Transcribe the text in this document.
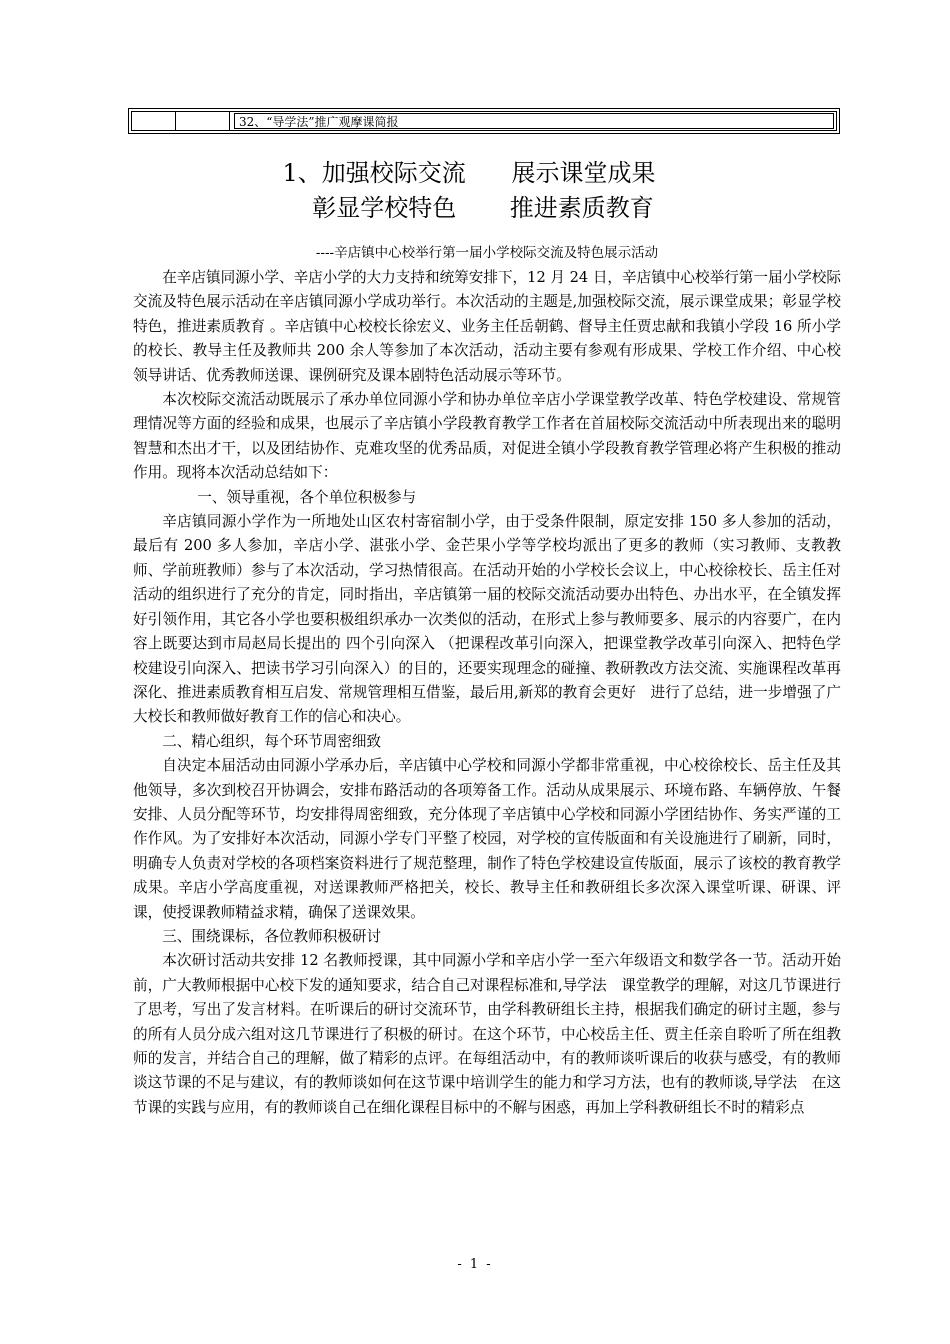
32、“导学法”推广观摩课简报
1、加强校际交流      展示课堂成果
彰显学校特色       推进素质教育
----辛店镇中心校举行第一届小学校际交流及特色展示活动

在辛店镇同源小学、辛店小学的大力支持和统筹安排下，12 月 24 日，辛店镇中心校举行第一届小学校际交流及特色展示活动在辛店镇同源小学成功举行。本次活动的主题是,加强校际交流，展示课堂成果；彰显学校特色，推进素质教育 。辛店镇中心校校长徐宏义、业务主任岳朝鹤、督导主任贾忠献和我镇小学段 16 所小学的校长、教导主任及教师共 200 余人等参加了本次活动，活动主要有参观有形成果、学校工作介绍、中心校领导讲话、优秀教师送课、课例研究及课本剧特色活动展示等环节。

本次校际交流活动既展示了承办单位同源小学和协办单位辛店小学课堂教学改革、特色学校建设、常规管理情况等方面的经验和成果，也展示了辛店镇小学段教育教学工作者在首届校际交流活动中所表现出来的聪明智慧和杰出才干，以及团结协作、克难攻坚的优秀品质，对促进全镇小学段教育教学管理必将产生积极的推动作用。现将本次活动总结如下：

一、领导重视，各个单位积极参与

辛店镇同源小学作为一所地处山区农村寄宿制小学，由于受条件限制，原定安排 150 多人参加的活动，最后有 200 多人参加，辛店小学、湛张小学、金芒果小学等学校均派出了更多的教师（实习教师、支教教师、学前班教师）参与了本次活动，学习热情很高。在活动开始的小学校长会议上，中心校徐校长、岳主任对活动的组织进行了充分的肯定，同时指出，辛店镇第一届的校际交流活动要办出特色、办出水平，在全镇发挥好引领作用，其它各小学也要积极组织承办一次类似的活动，在形式上参与教师要多、展示的内容要广，在内容上既要达到市局赵局长提出的 四个引向深入 （把课程改革引向深入，把课堂教学改革引向深入、把特色学校建设引向深入、把读书学习引向深入）的目的，还要实现理念的碰撞、教研教改方法交流、实施课程改革再深化、推进素质教育相互启发、常规管理相互借鉴，最后用,新郑的教育会更好　进行了总结，进一步增强了广大校长和教师做好教育工作的信心和决心。

二、精心组织，每个环节周密细致

自决定本届活动由同源小学承办后，辛店镇中心学校和同源小学都非常重视，中心校徐校长、岳主任及其他领导，多次到校召开协调会，安排布路活动的各项筹备工作。活动从成果展示、环境布路、车辆停放、午餐安排、人员分配等环节，均安排得周密细致，充分体现了辛店镇中心学校和同源小学团结协作、务实严谨的工作作风。为了安排好本次活动，同源小学专门平整了校园，对学校的宣传版面和有关设施进行了刷新，同时，明确专人负责对学校的各项档案资料进行了规范整理，制作了特色学校建设宣传版面，展示了该校的教育教学成果。辛店小学高度重视，对送课教师严格把关，校长、教导主任和教研组长多次深入课堂听课、研课、评课，使授课教师精益求精，确保了送课效果。

三、围绕课标，各位教师积极研讨

本次研讨活动共安排 12 名教师授课，其中同源小学和辛店小学一至六年级语文和数学各一节。活动开始前，广大教师根据中心校下发的通知要求，结合自己对课程标准和,导学法　课堂教学的理解，对这几节课进行了思考，写出了发言材料。在听课后的研讨交流环节，由学科教研组长主持，根据我们确定的研讨主题，参与的所有人员分成六组对这几节课进行了积极的研讨。在这个环节，中心校岳主任、贾主任亲自聆听了所在组教师的发言，并结合自己的理解，做了精彩的点评。在每组活动中，有的教师谈听课后的收获与感受，有的教师谈这节课的不足与建议，有的教师谈如何在这节课中培训学生的能力和学习方法，也有的教师谈,导学法　在这节课的实践与应用，有的教师谈自己在细化课程目标中的不解与困惑，再加上学科教研组长不时的精彩点

- 1 -
